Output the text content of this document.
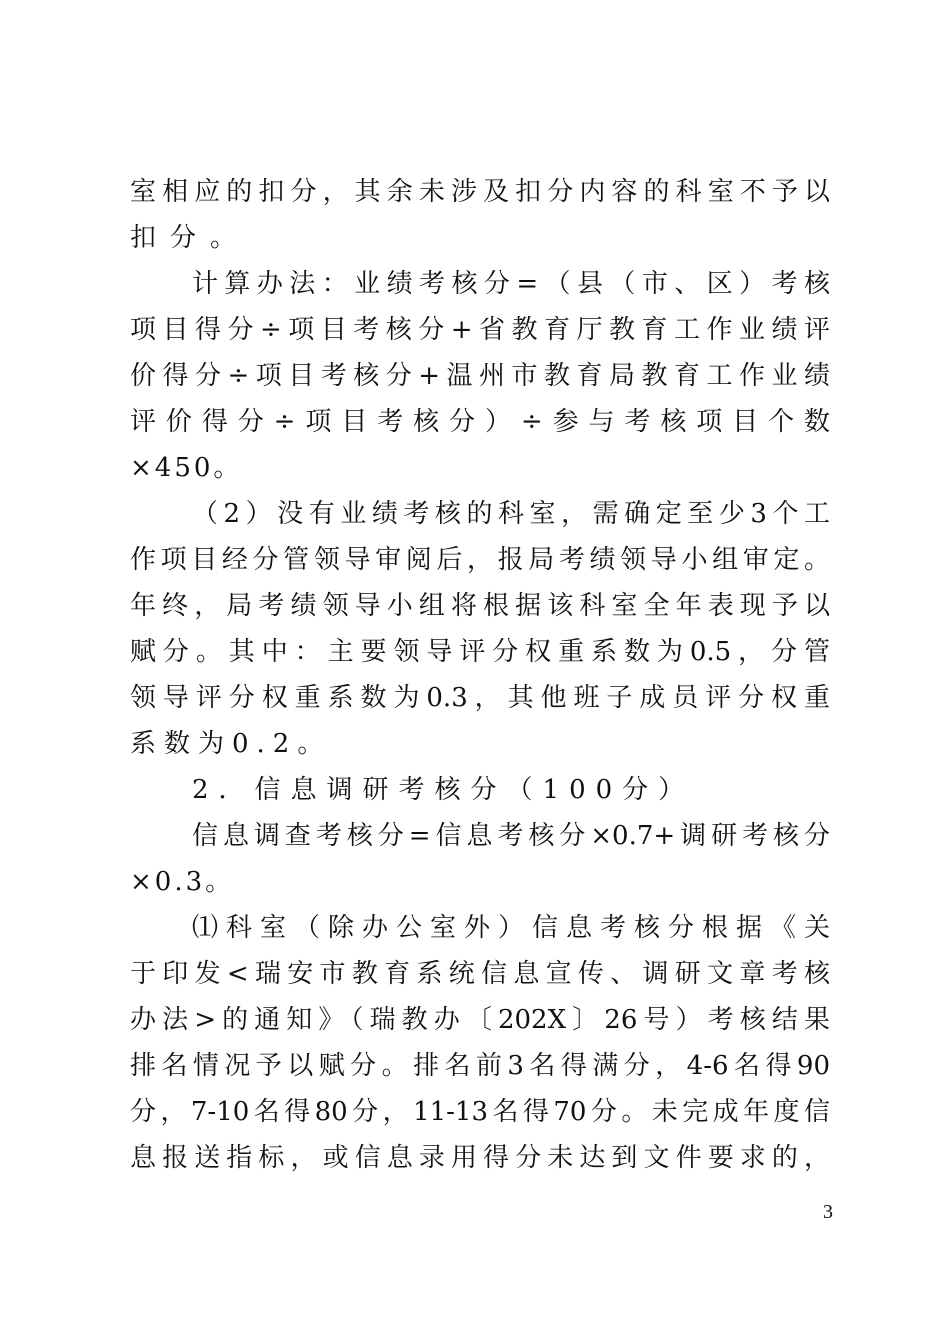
室相应的扣分，其余未涉及扣分内容的科室不予以
扣分。
计算办法：业绩考核分=（县（市、区）考核
项目得分÷项目考核分+省教育厅教育工作业绩评
价得分÷项目考核分+温州市教育局教育工作业绩
评价得分÷项目考核分）÷参与考核项目个数
×450。
（2）没有业绩考核的科室，需确定至少3个工
作项目经分管领导审阅后，报局考绩领导小组审定。
年终，局考绩领导小组将根据该科室全年表现予以
赋分。其中：主要领导评分权重系数为0.5，分管
领导评分权重系数为0.3，其他班子成员评分权重
系数为0.2。
2．信息调研考核分（100分）
信息调查考核分=信息考核分×0.7+调研考核分
×0.3。
⑴科室（除办公室外）信息考核分根据《关
于印发<瑞安市教育系统信息宣传、调研文章考核
办法>的通知》（瑞教办〔202X〕26号）考核结果
排名情况予以赋分。排名前3名得满分，4-6名得90
分，7-10名得80分，11-13名得70分。未完成年度信
息报送指标，或信息录用得分未达到文件要求的，
3
